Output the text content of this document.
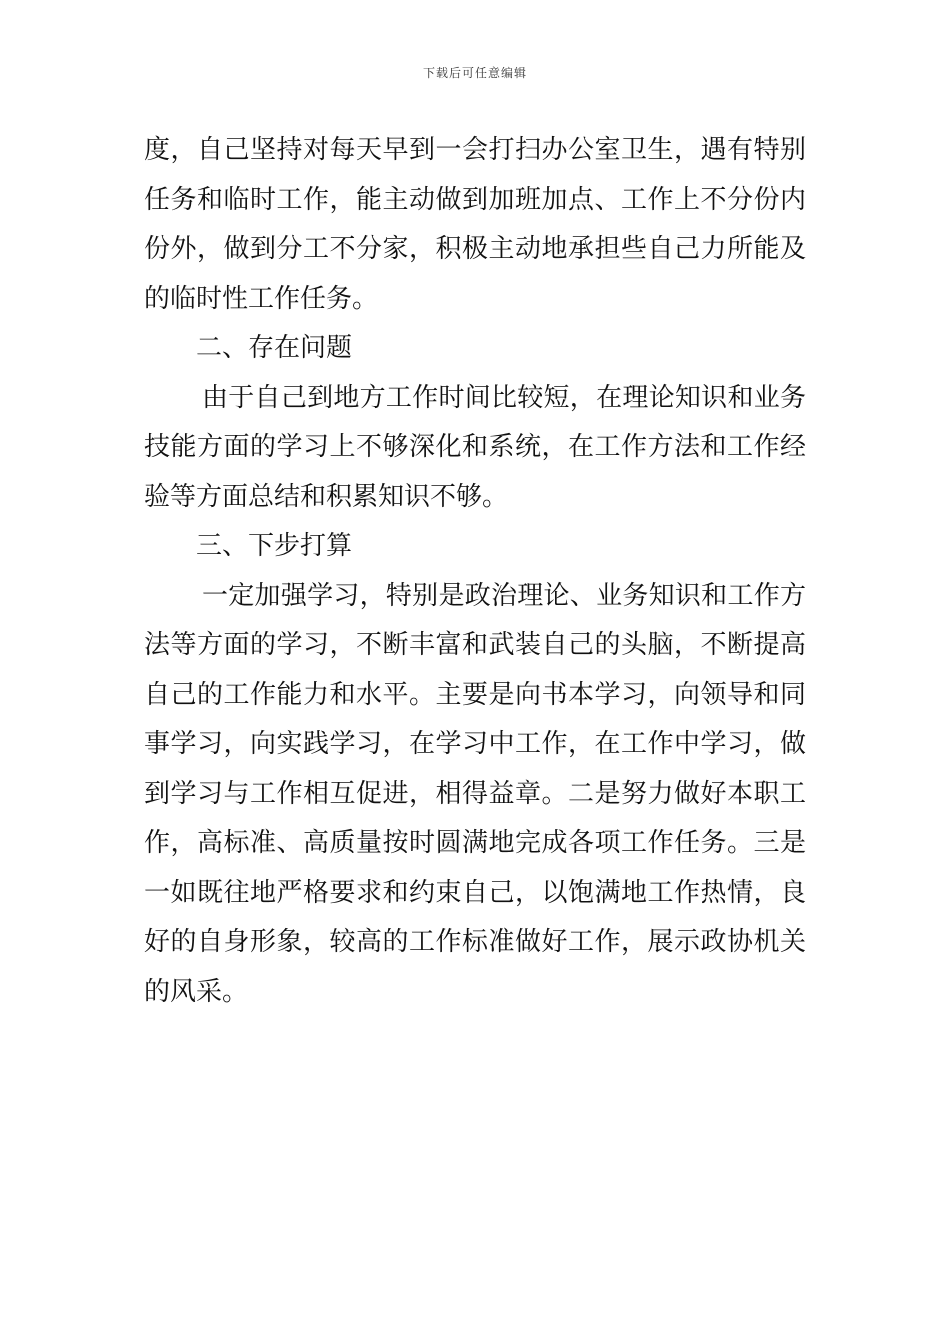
下载后可任意编辑
度，自己坚持对每天早到一会打扫办公室卫生，遇有特别
任务和临时工作，能主动做到加班加点、工作上不分份内
份外，做到分工不分家，积极主动地承担些自己力所能及
的临时性工作任务。
二、存在问题
由于自己到地方工作时间比较短，在理论知识和业务
技能方面的学习上不够深化和系统，在工作方法和工作经
验等方面总结和积累知识不够。
三、下步打算
一定加强学习，特别是政治理论、业务知识和工作方
法等方面的学习，不断丰富和武装自己的头脑，不断提高
自己的工作能力和水平。主要是向书本学习，向领导和同
事学习，向实践学习，在学习中工作，在工作中学习，做
到学习与工作相互促进，相得益章。二是努力做好本职工
作，高标准、高质量按时圆满地完成各项工作任务。三是
一如既往地严格要求和约束自己，以饱满地工作热情，良
好的自身形象，较高的工作标准做好工作，展示政协机关
的风采。
